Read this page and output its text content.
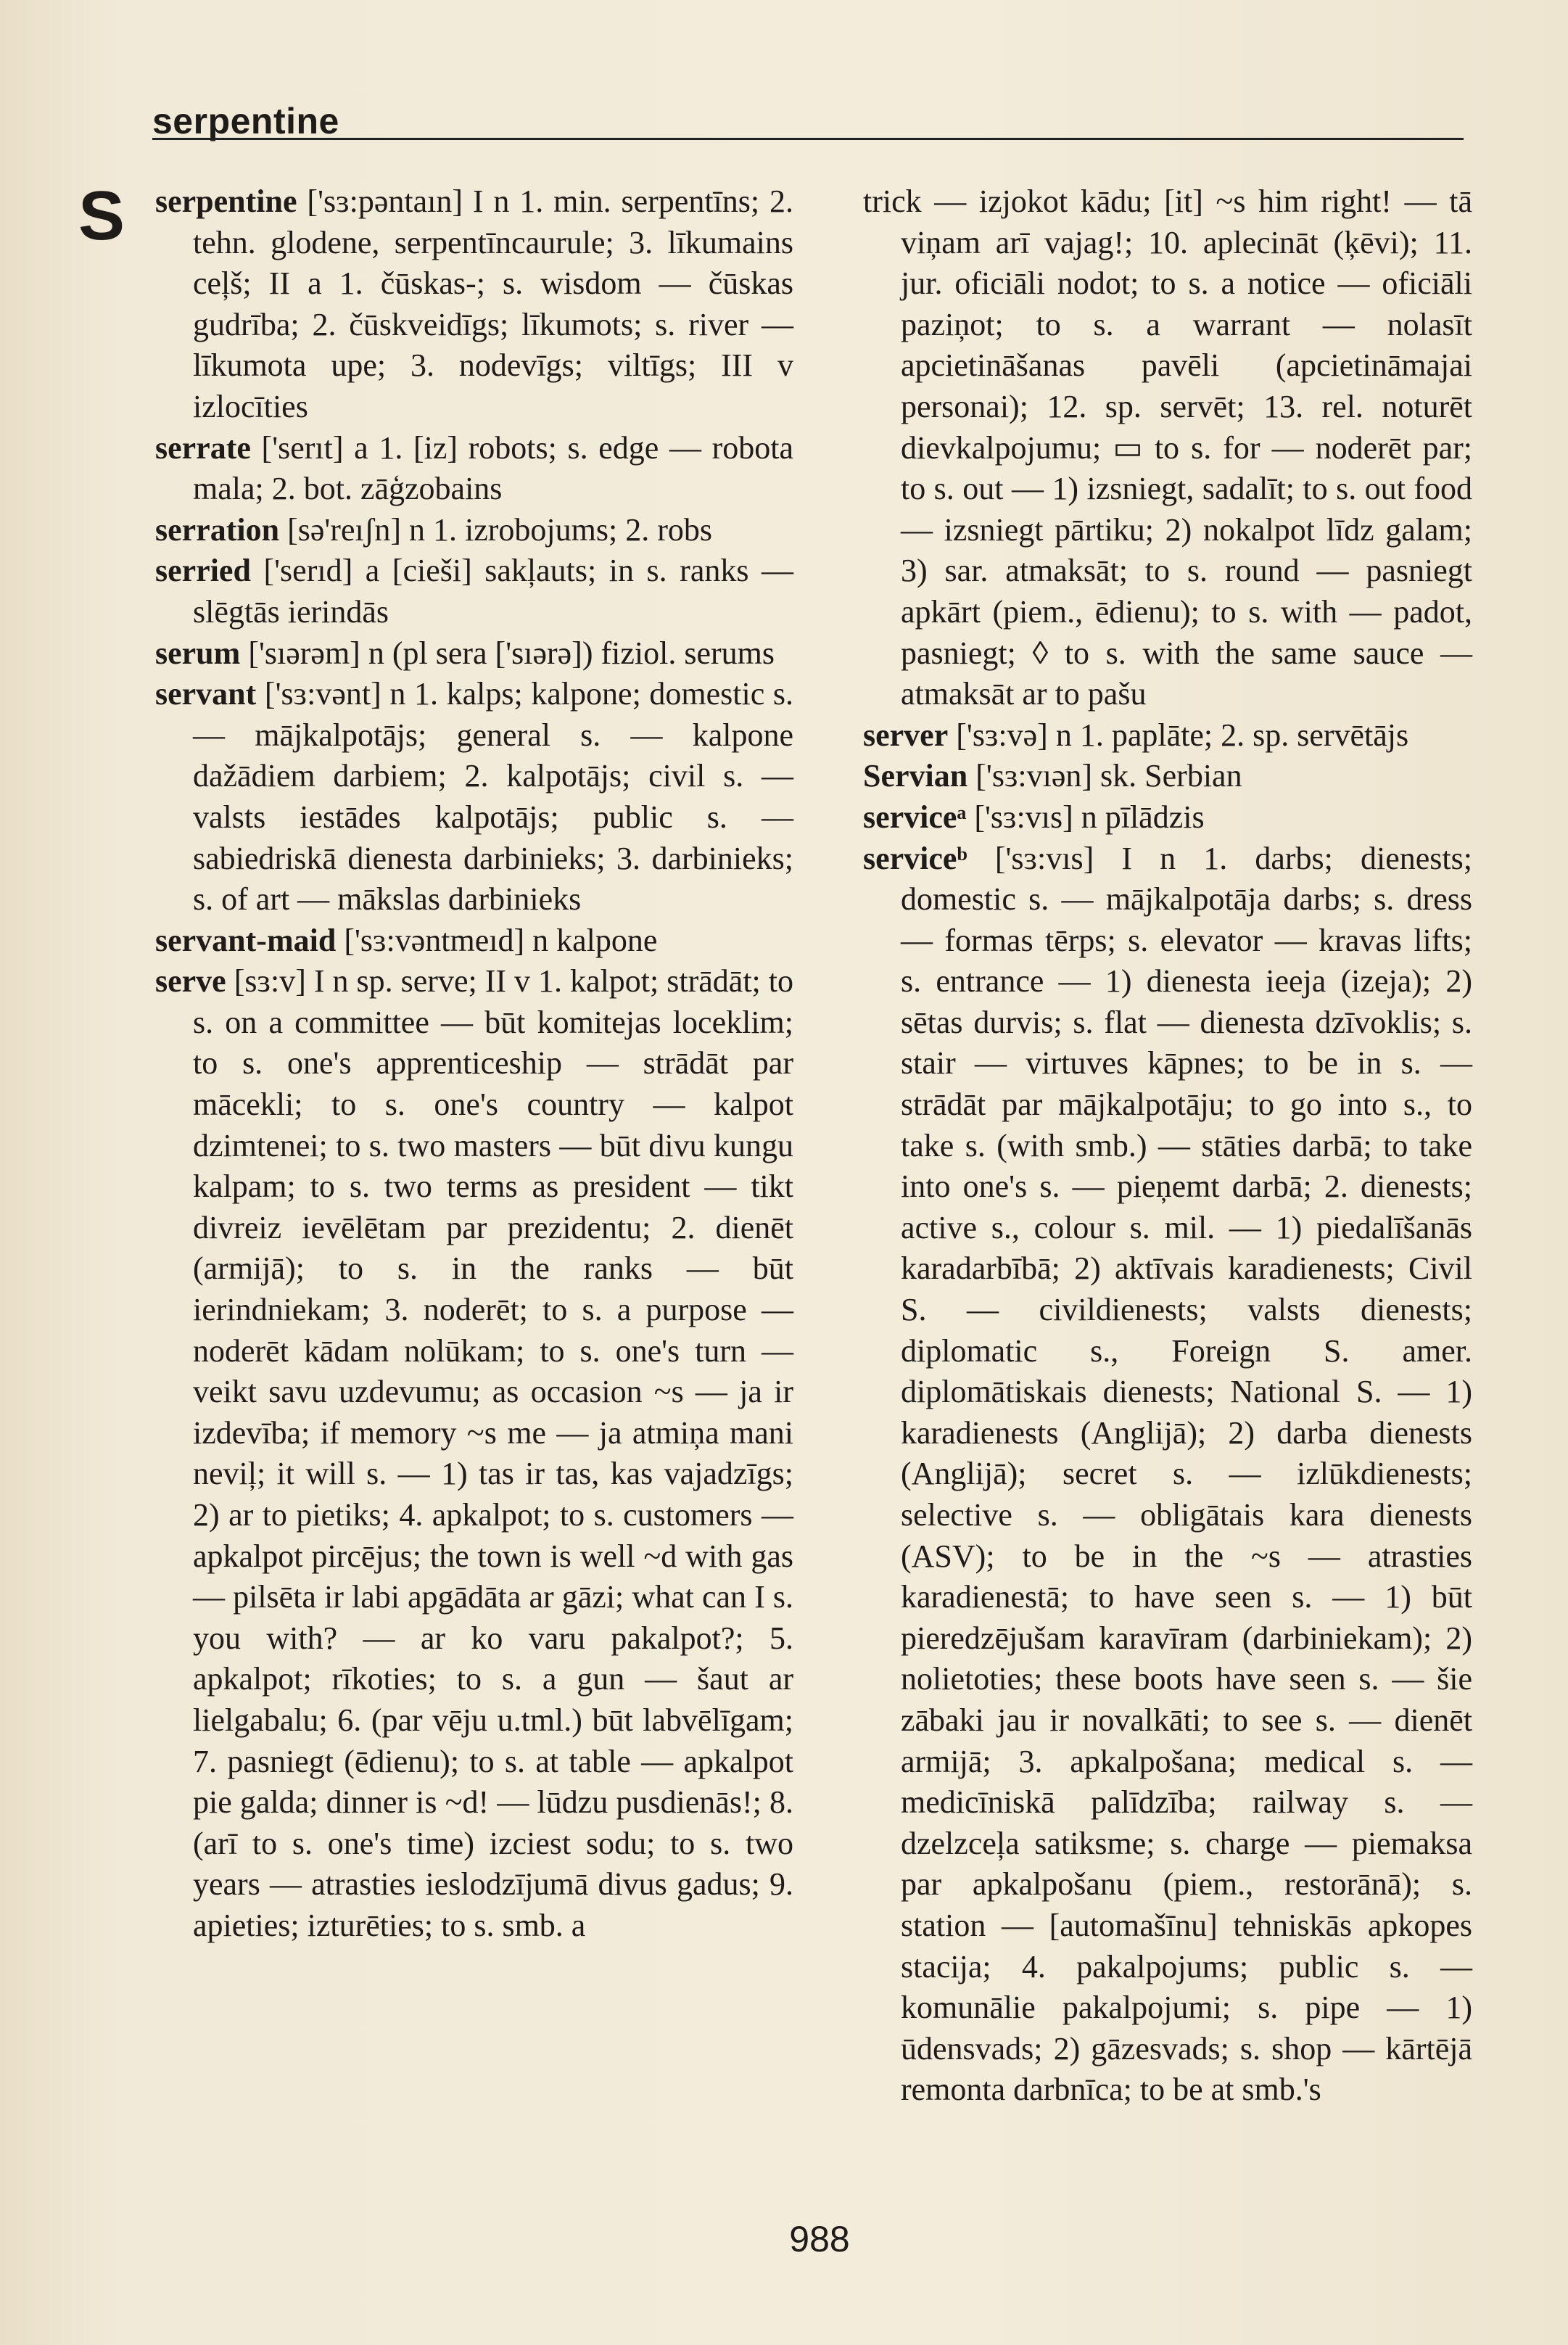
serpentine
S serpentine ['sɜ:pəntaın] I n 1. min. serpentīns; 2. tehn. glodene, serpentīncaurule; 3. līkumains ceļš; II a 1. čūskas-; s. wisdom — čūskas gudrība; 2. čūskveidīgs; līkumots; s. river — līkumota upe; 3. nodevīgs; viltīgs; III v izlocīties

serrate ['serıt] a 1. [iz] robots; s. edge — robota mala; 2. bot. zāģzobains

serration [sə'reıʃn] n 1. izrobojums; 2. robs

serried ['serıd] a [cieši] sakļauts; in s. ranks — slēgtās ierindās

serum ['sıərəm] n (pl sera ['sıərə]) fiziol. serums

servant ['sɜ:vənt] n 1. kalps; kalpone; domestic s. — mājkalpotājs; general s. — kalpone dažādiem darbiem; 2. kalpotājs; civil s. — valsts iestādes kalpotājs; public s. — sabiedriskā dienesta darbinieks; 3. darbinieks; s. of art — mākslas darbinieks

servant-maid ['sɜ:vəntmeıd] n kalpone

serve [sɜ:v] I n sp. serve; II v 1. kalpot; strādāt; to s. on a committee — būt komitejas loceklim; to s. one's apprenticeship — strādāt par mācekli; to s. one's country — kalpot dzimtenei; to s. two masters — būt divu kungu kalpam; to s. two terms as president — tikt divreiz ievēlētam par prezidentu; 2. dienēt (armijā); to s. in the ranks — būt ierindniekam; 3. noderēt; to s. a purpose — noderēt kādam nolūkam; to s. one's turn — veikt savu uzdevumu; as occasion ~s — ja ir izdevība; if memory ~s me — ja atmiņa mani neviļ; it will s. — 1) tas ir tas, kas vajadzīgs; 2) ar to pietiks; 4. apkalpot; to s. customers — apkalpot pircējus; the town is well ~d with gas — pilsēta ir labi apgādāta ar gāzi; what can I s. you with? — ar ko varu pakalpot?; 5. apkalpot; rīkoties; to s. a gun — šaut ar lielgabalu; 6. (par vēju u.tml.) būt labvēlīgam; 7. pasniegt (ēdienu); to s. at table — apkalpot pie galda; dinner is ~d! — lūdzu pusdienās!; 8. (arī to s. one's time) izciest sodu; to s. two years — atrasties ieslodzījumā divus gadus; 9. apieties; izturēties; to s. smb. a

trick — izjokot kādu; [it] ~s him right! — tā viņam arī vajag!; 10. aplecināt (ķēvi); 11. jur. oficiāli nodot; to s. a notice — oficiāli paziņot; to s. a warrant — nolasīt apcietināšanas pavēli (apcietināmajai personai); 12. sp. servēt; 13. rel. noturēt dievkalpojumu; ▭ to s. for — noderēt par; to s. out — 1) izsniegt, sadalīt; to s. out food — izsniegt pārtiku; 2) nokalpot līdz galam; 3) sar. atmaksāt; to s. round — pasniegt apkārt (piem., ēdienu); to s. with — padot, pasniegt; ◊ to s. with the same sauce — atmaksāt ar to pašu

server ['sɜ:və] n 1. paplāte; 2. sp. servētājs

Servian ['sɜ:vıən] sk. Serbian

serviceᵃ ['sɜ:vıs] n pīlādzis

serviceᵇ ['sɜ:vıs] I n 1. darbs; dienests; domestic s. — mājkalpotāja darbs; s. dress — formas tērps; s. elevator — kravas lifts; s. entrance — 1) dienesta ieeja (izeja); 2) sētas durvis; s. flat — dienesta dzīvoklis; s. stair — virtuves kāpnes; to be in s. — strādāt par mājkalpotāju; to go into s., to take s. (with smb.) — stāties darbā; to take into one's s. — pieņemt darbā; 2. dienests; active s., colour s. mil. — 1) piedalīšanās karadarbībā; 2) aktīvais karadienests; Civil S. — civildienests; valsts dienests; diplomatic s., Foreign S. amer. diplomātiskais dienests; National S. — 1) karadienests (Anglijā); 2) darba dienests (Anglijā); secret s. — izlūkdienests; selective s. — obligātais kara dienests (ASV); to be in the ~s — atrasties karadienestā; to have seen s. — 1) būt pieredzējušam karavīram (darbiniekam); 2) nolietoties; these boots have seen s. — šie zābaki jau ir novalkāti; to see s. — dienēt armijā; 3. apkalpošana; medical s. — medicīniskā palīdzība; railway s. — dzelzceļa satiksme; s. charge — piemaksa par apkalpošanu (piem., restorānā); s. station — [automašīnu] tehniskās apkopes stacija; 4. pakalpojums; public s. — komunālie pakalpojumi; s. pipe — 1) ūdensvads; 2) gāzesvads; s. shop — kārtējā remonta darbnīca; to be at smb.'s

988
